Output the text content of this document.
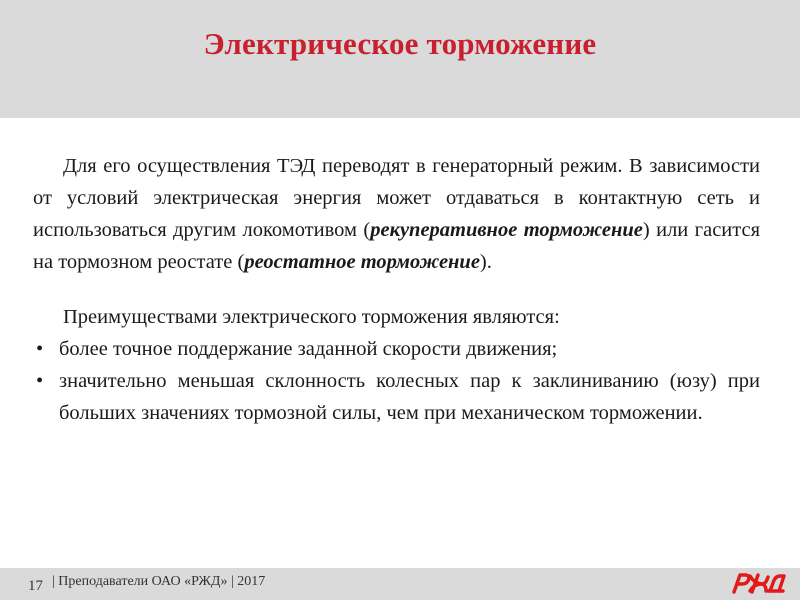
Электрическое торможение

Для его осуществления ТЭД переводят в генераторный режим. В зависимости от условий электрическая энергия может отдаваться в контактную сеть и использоваться другим локомотивом (рекуперативное торможение) или гасится на тормозном реостате (реостатное торможение).

Преимуществами электрического торможения являются:

• более точное поддержание заданной скорости движения;
• значительно меньшая склонность колесных пар к заклиниванию (юзу) при больших значениях тормозной силы, чем при механическом торможении.
17 | Преподаватели ОАО «РЖД» | 2017
